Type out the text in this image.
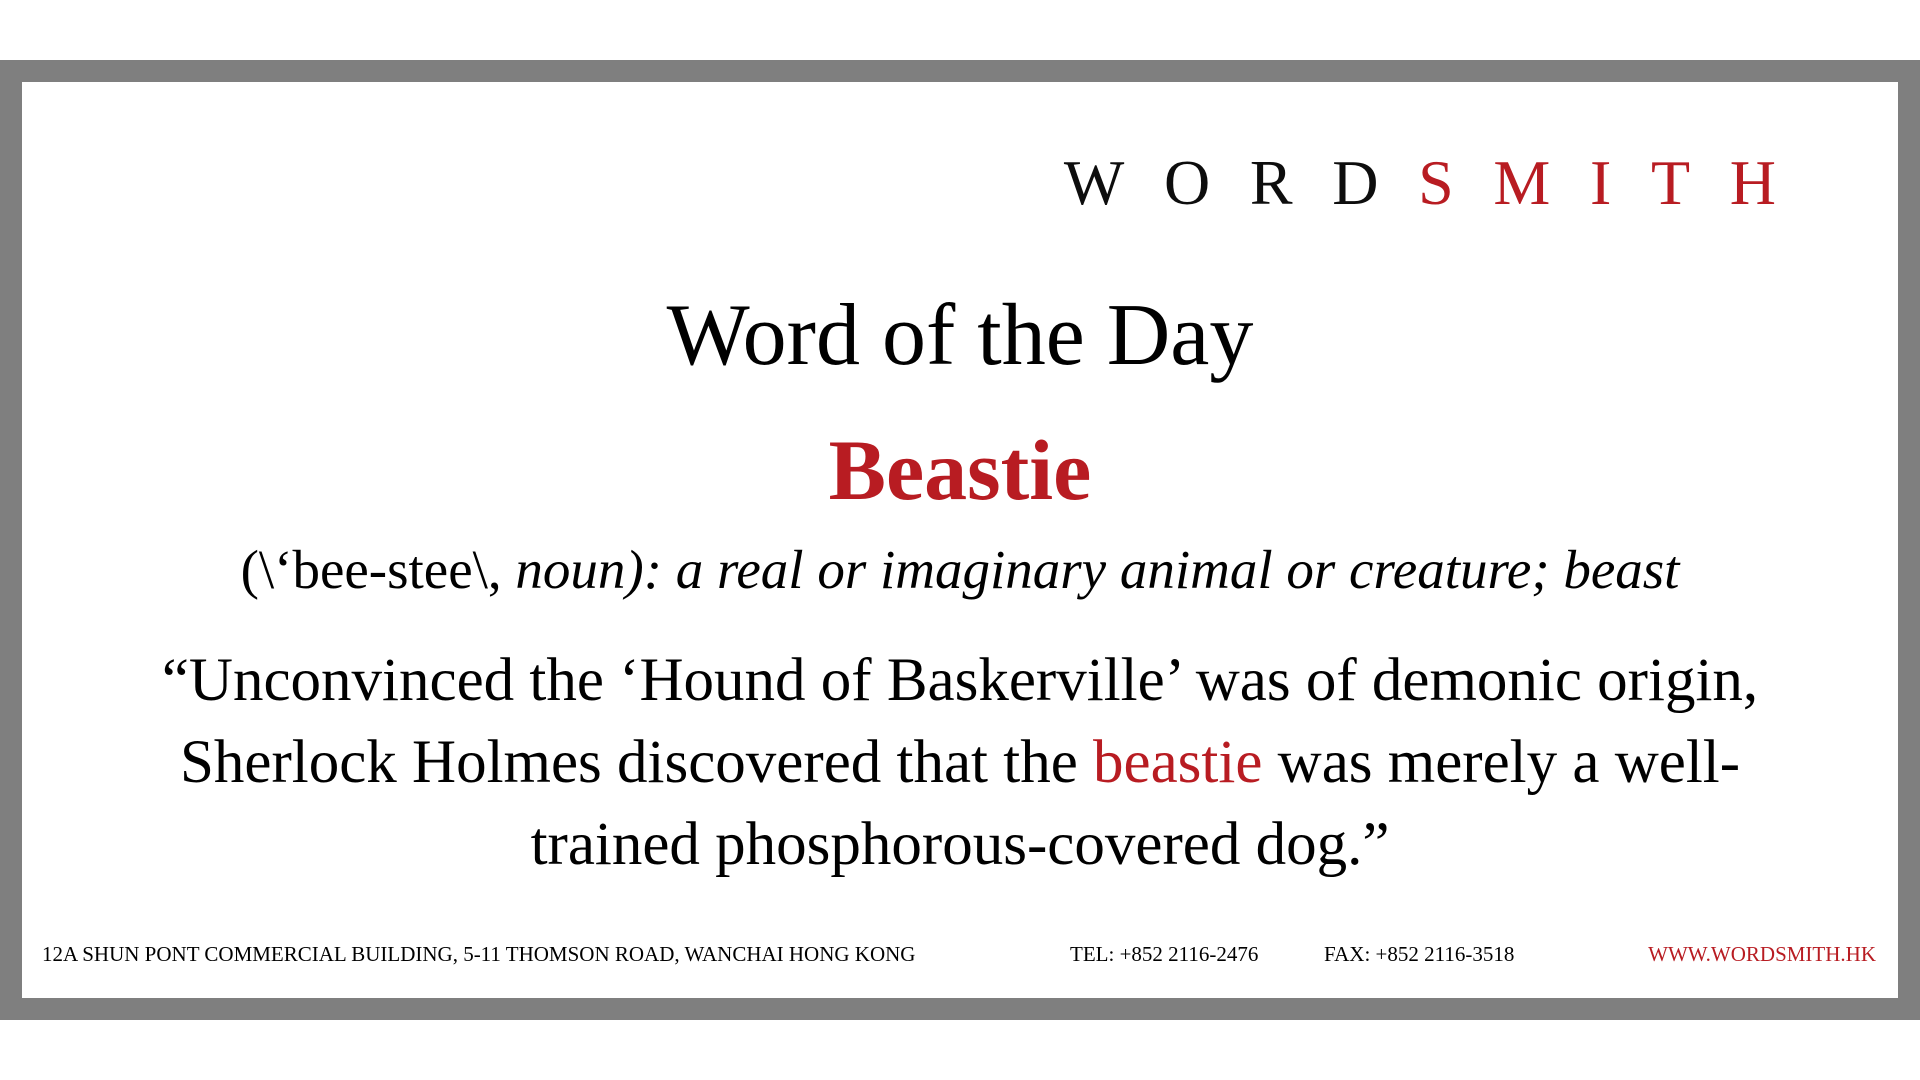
WORDSMITH
Word of the Day
Beastie
(\‘bee-stee\, noun): a real or imaginary animal or creature; beast
“Unconvinced the ‘Hound of Baskerville’ was of demonic origin, Sherlock Holmes discovered that the beastie was merely a well-trained phosphorous-covered dog.”
12A SHUN PONT COMMERCIAL BUILDING, 5-11 THOMSON ROAD, WANCHAI HONG KONG	TEL: +852 2116-2476	FAX: +852 2116-3518	WWW.WORDSMITH.HK
